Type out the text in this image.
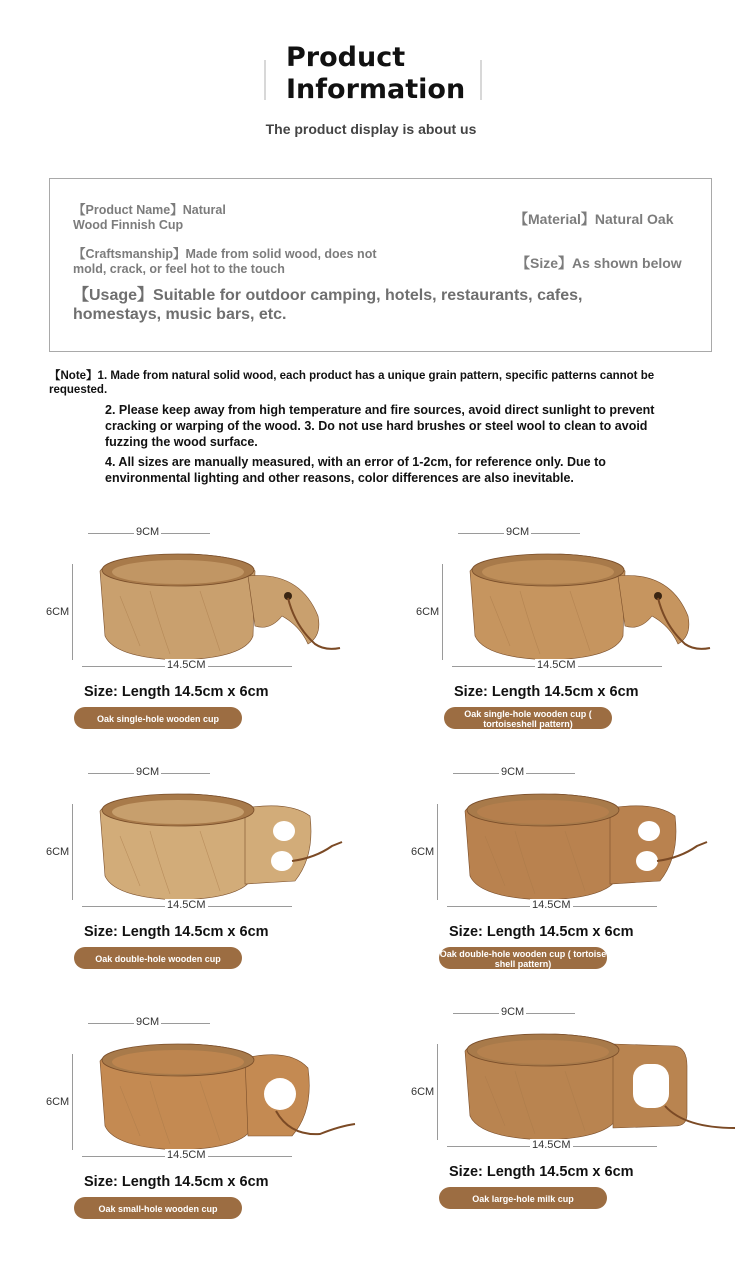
Product Information
The product display is about us
【Product Name】Natural Wood Finnish Cup	【Material】Natural Oak
【Craftsmanship】Made from solid wood, does not mold, crack, or feel hot to the touch	【Size】As shown below
【Usage】Suitable for outdoor camping, hotels, restaurants, cafes, homestays, music bars, etc.
【Note】1. Made from natural solid wood, each product has a unique grain pattern, specific patterns cannot be requested.
2. Please keep away from high temperature and fire sources, avoid direct sunlight to prevent cracking or warping of the wood. 3. Do not use hard brushes or steel wool to clean to avoid fuzzing the wood surface.
4. All sizes are manually measured, with an error of 1-2cm, for reference only. Due to environmental lighting and other reasons, color differences are also inevitable.
9CM
6CM
14.5CM
Size: Length 14.5cm x 6cm
Oak single-hole wooden cup
9CM
6CM
14.5CM
Size: Length 14.5cm x 6cm
Oak single-hole wooden cup ( tortoiseshell pattern)
9CM
6CM
14.5CM
Size: Length 14.5cm x 6cm
Oak double-hole wooden cup
9CM
6CM
14.5CM
Size: Length 14.5cm x 6cm
Oak double-hole wooden cup ( tortoise shell pattern)
9CM
6CM
14.5CM
Size: Length 14.5cm x 6cm
Oak small-hole wooden cup
9CM
6CM
14.5CM
Size: Length 14.5cm x 6cm
Oak large-hole milk cup
